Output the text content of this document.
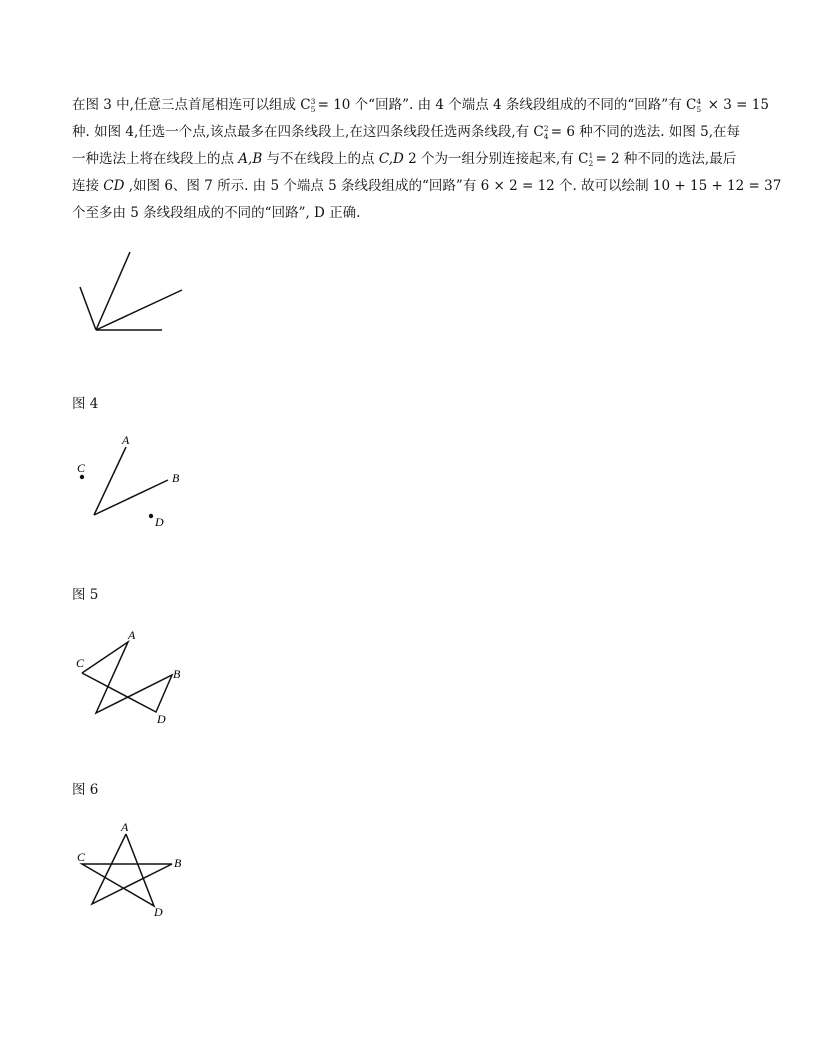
在图 3 中,任意三点首尾相连可以组成 C 3
5 = 10 个“回路”. 由 4 个端点 4 条线段组成的不同的“回路”有 C 4
5 × 3 = 15
种. 如图 4,任选一个点,该点最多在四条线段上,在这四条线段任选两条线段,有 C 2
4 = 6 种不同的选法. 如图 5,在每
一种选法上将在线段上的点 A,B 与不在线段上的点 C,D 2 个为一组分别连接起来,有 C 1
2 = 2 种不同的选法,最后
连接 CD ,如图 6、图 7 所示. 由 5 个端点 5 条线段组成的“回路”有 6 × 2 = 12 个. 故可以绘制 10 + 15 + 12 = 37
个至多由 5 条线段组成的不同的“回路”, D 正确.
图 4
A
B
C
D
图 5
A
B
C
D
图 6
A
B
C
D
